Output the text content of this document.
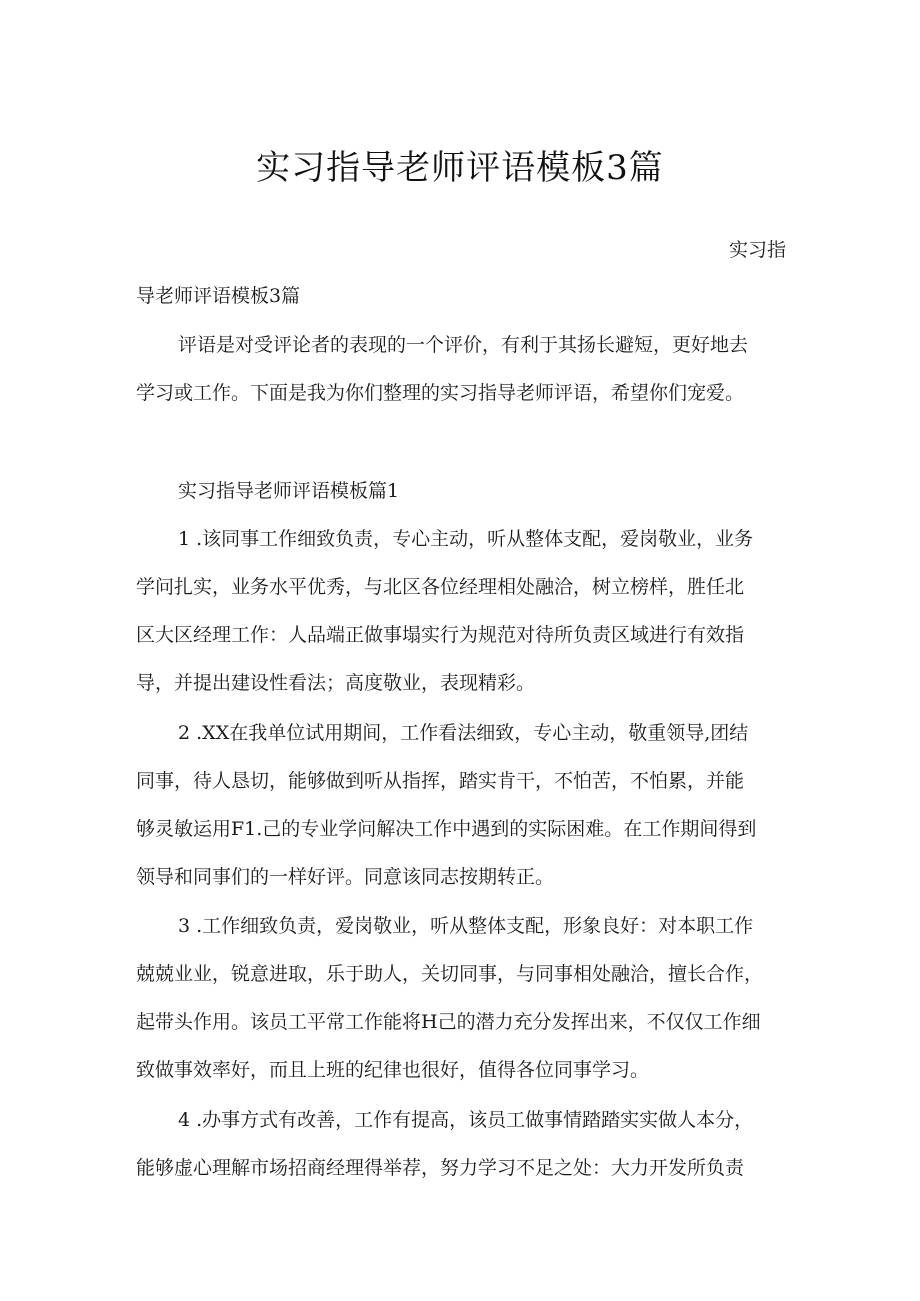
实习指导老师评语模板3篇
实习指
导老师评语模板3篇
评语是对受评论者的表现的一个评价，有利于其扬长避短，更好地去
学习或工作。下面是我为你们整理的实习指导老师评语，希望你们宠爱。
实习指导老师评语模板篇1
1 .该同事工作细致负责，专心主动，听从整体支配，爱岗敬业，业务
学问扎实，业务水平优秀，与北区各位经理相处融洽，树立榜样，胜任北
区大区经理工作：人品端正做事塌实行为规范对待所负责区域进行有效指
导，并提出建设性看法；高度敬业，表现精彩。
2 .XX在我单位试用期间，工作看法细致，专心主动，敬重领导,团结
同事，待人恳切，能够做到听从指挥，踏实肯干，不怕苦，不怕累，并能
够灵敏运用F1.己的专业学问解决工作中遇到的实际困难。在工作期间得到
领导和同事们的一样好评。同意该同志按期转正。
3 .工作细致负责，爱岗敬业，听从整体支配，形象良好：对本职工作
兢兢业业，锐意进取，乐于助人，关切同事，与同事相处融洽，擅长合作，
起带头作用。该员工平常工作能将H己的潜力充分发挥出来，不仅仅工作细
致做事效率好，而且上班的纪律也很好，值得各位同事学习。
4 .办事方式有改善，工作有提高，该员工做事情踏踏实实做人本分，
能够虚心理解市场招商经理得举荐，努力学习不足之处：大力开发所负责
